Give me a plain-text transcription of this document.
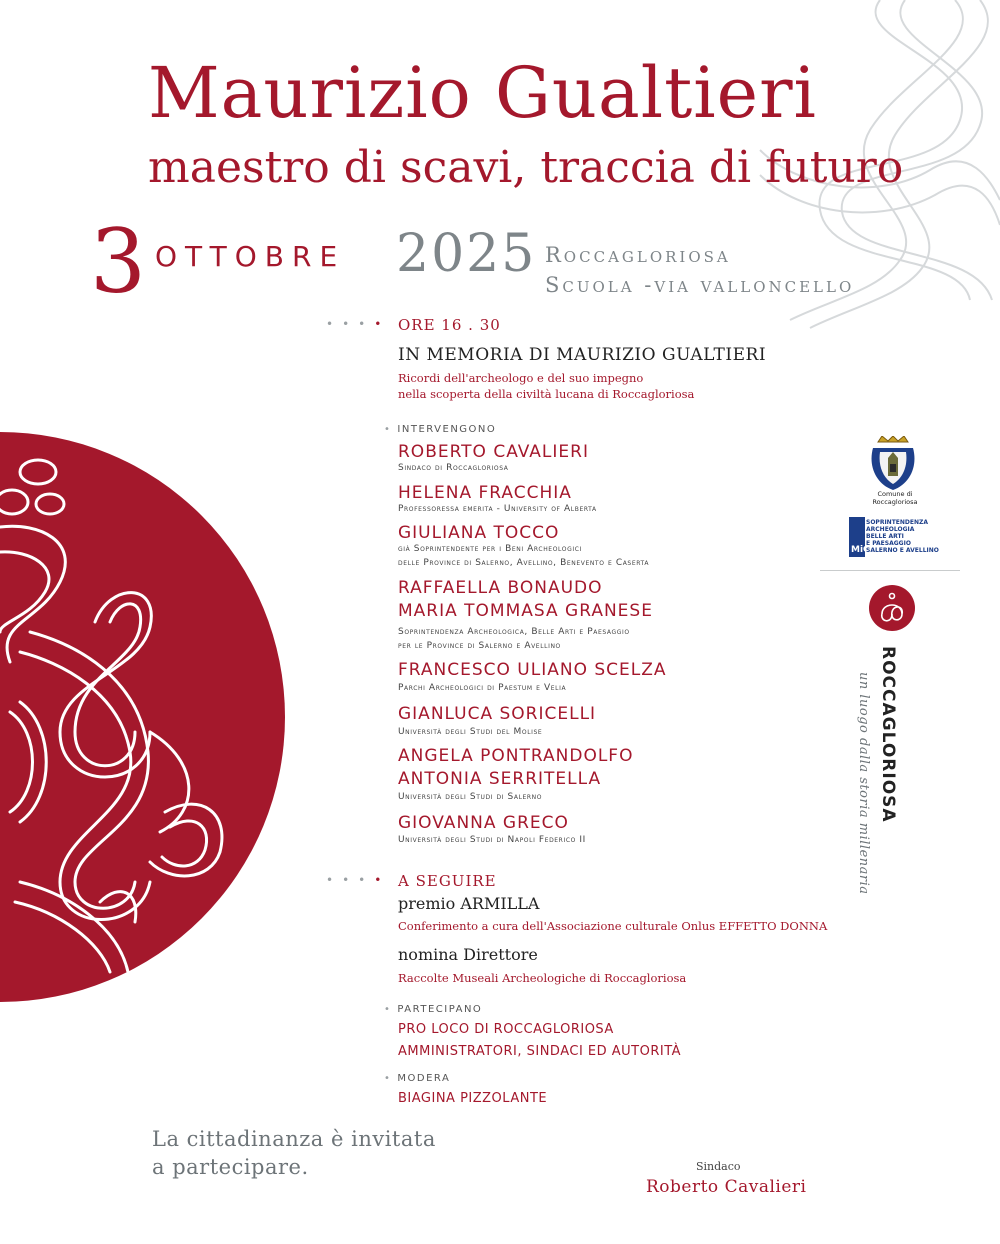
Maurizio Gualtieri
maestro di scavi, traccia di futuro
3 OTTOBRE 2025 Roccagloriosa
Scuola -via valloncello
•••• ORE 16 . 30
IN MEMORIA DI MAURIZIO GUALTIERI
Ricordi dell'archeologo e del suo impegno
nella scoperta della civiltà lucana di Roccagloriosa
• INTERVENGONO
ROBERTO CAVALIERI
Sindaco di Roccagloriosa
HELENA FRACCHIA
Professoressa emerita - University of Alberta
GIULIANA TOCCO
già Soprintendente per i Beni Archeologici
delle Province di Salerno, Avellino, Benevento e Caserta
RAFFAELLA BONAUDO
MARIA TOMMASA GRANESE
Soprintendenza Archeologica, Belle Arti e Paesaggio
per le Province di Salerno e Avellino
FRANCESCO ULIANO SCELZA
Parchi Archeologici di Paestum e Velia
GIANLUCA SORICELLI
Università degli Studi del Molise
ANGELA PONTRANDOLFO
ANTONIA SERRITELLA
Università degli Studi di Salerno
GIOVANNA GRECO
Università degli Studi di Napoli Federico II
•••• A SEGUIRE
premio ARMILLA
Conferimento a cura dell'Associazione culturale Onlus EFFETTO DONNA
nomina Direttore
Raccolte Museali Archeologiche di Roccagloriosa
• PARTECIPANO
PRO LOCO DI ROCCAGLORIOSA
AMMINISTRATORI, SINDACI ED AUTORITÀ
• MODERA
BIAGINA PIZZOLANTE
La cittadinanza è invitata
a partecipare.	Sindaco
Roberto Cavalieri
Comune di Roccagloriosa
MiC
SOPRINTENDENZA
ARCHEOLOGIA
BELLE ARTI
E PAESAGGIO
SALERNO E AVELLINO
ROCCAGLORIOSA
un luogo dalla storia millenaria
